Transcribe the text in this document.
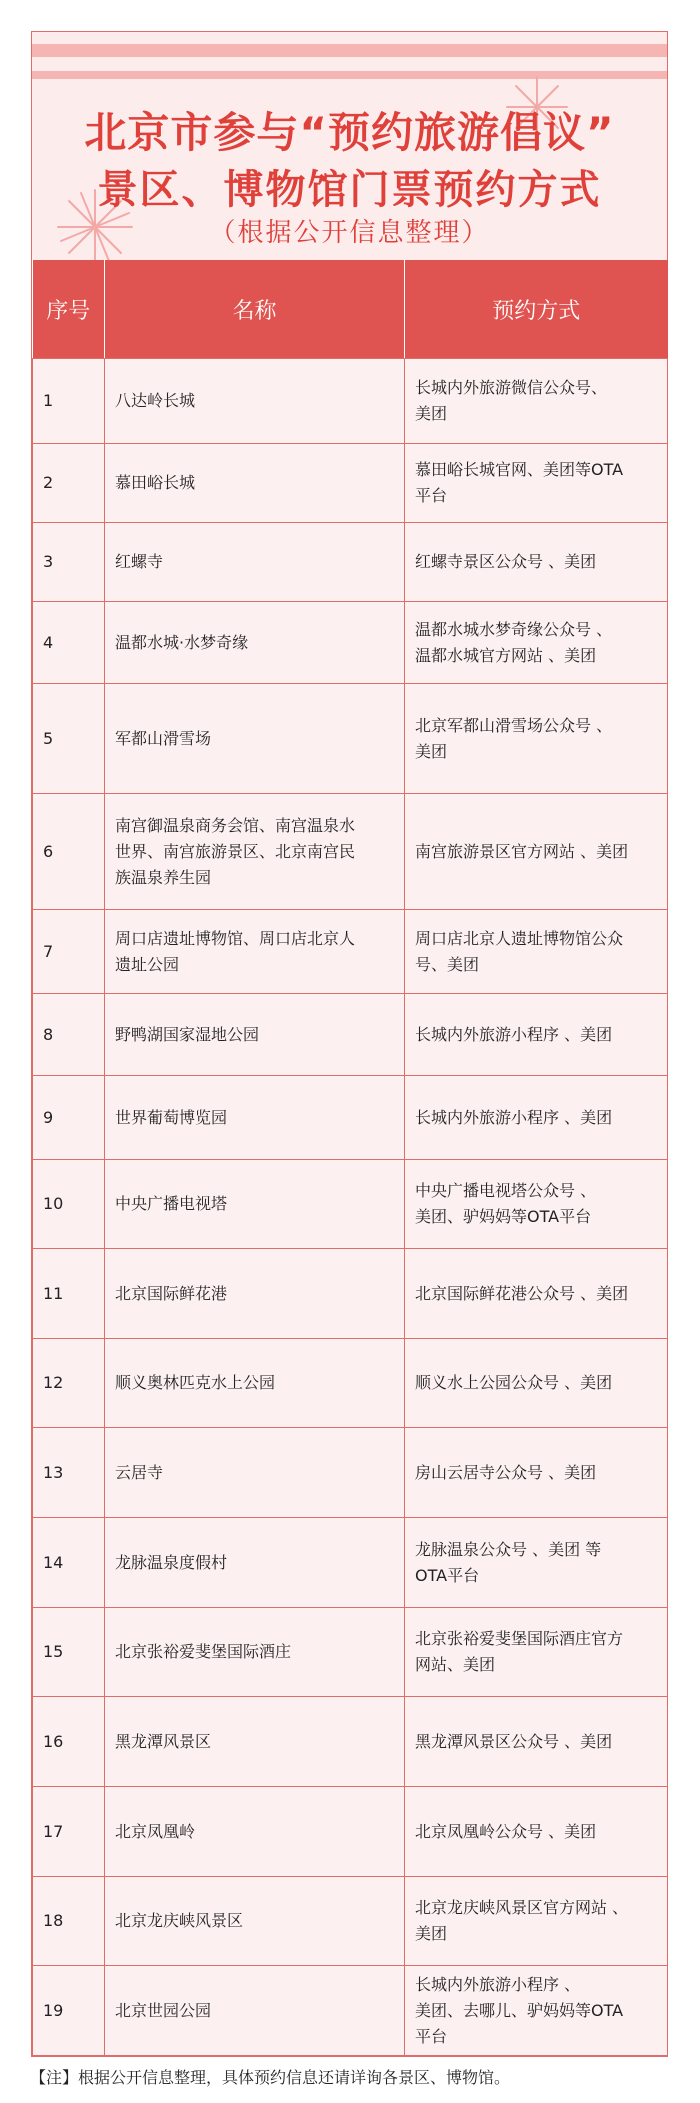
北京市参与“预约旅游倡议”
景区、博物馆门票预约方式
（根据公开信息整理）
序号	名称	预约方式
1	八达岭长城	长城内外旅游微信公众号、
美团
2	慕田峪长城	慕田峪长城官网、美团等OTA
平台
3	红螺寺	红螺寺景区公众号 、美团
4	温都水城·水梦奇缘	温都水城水梦奇缘公众号 、
温都水城官方网站 、美团
5	军都山滑雪场	北京军都山滑雪场公众号 、
美团
6	南宫御温泉商务会馆、南宫温泉水
世界、南宫旅游景区、北京南宫民
族温泉养生园	南宫旅游景区官方网站 、美团
7	周口店遗址博物馆、周口店北京人
遗址公园	周口店北京人遗址博物馆公众
号、美团
8	野鸭湖国家湿地公园	长城内外旅游小程序 、美团
9	世界葡萄博览园	长城内外旅游小程序 、美团
10	中央广播电视塔	中央广播电视塔公众号 、
美团、驴妈妈等OTA平台
11	北京国际鲜花港	北京国际鲜花港公众号 、美团
12	顺义奥林匹克水上公园	顺义水上公园公众号 、美团
13	云居寺	房山云居寺公众号 、美团
14	龙脉温泉度假村	龙脉温泉公众号 、美团 等
OTA平台
15	北京张裕爱斐堡国际酒庄	北京张裕爱斐堡国际酒庄官方
网站、美团
16	黑龙潭风景区	黑龙潭风景区公众号 、美团
17	北京凤凰岭	北京凤凰岭公众号 、美团
18	北京龙庆峡风景区	北京龙庆峡风景区官方网站 、
美团
19	北京世园公园	长城内外旅游小程序 、
美团、去哪儿、驴妈妈等OTA
平台
【注】根据公开信息整理，具体预约信息还请详询各景区、博物馆。
